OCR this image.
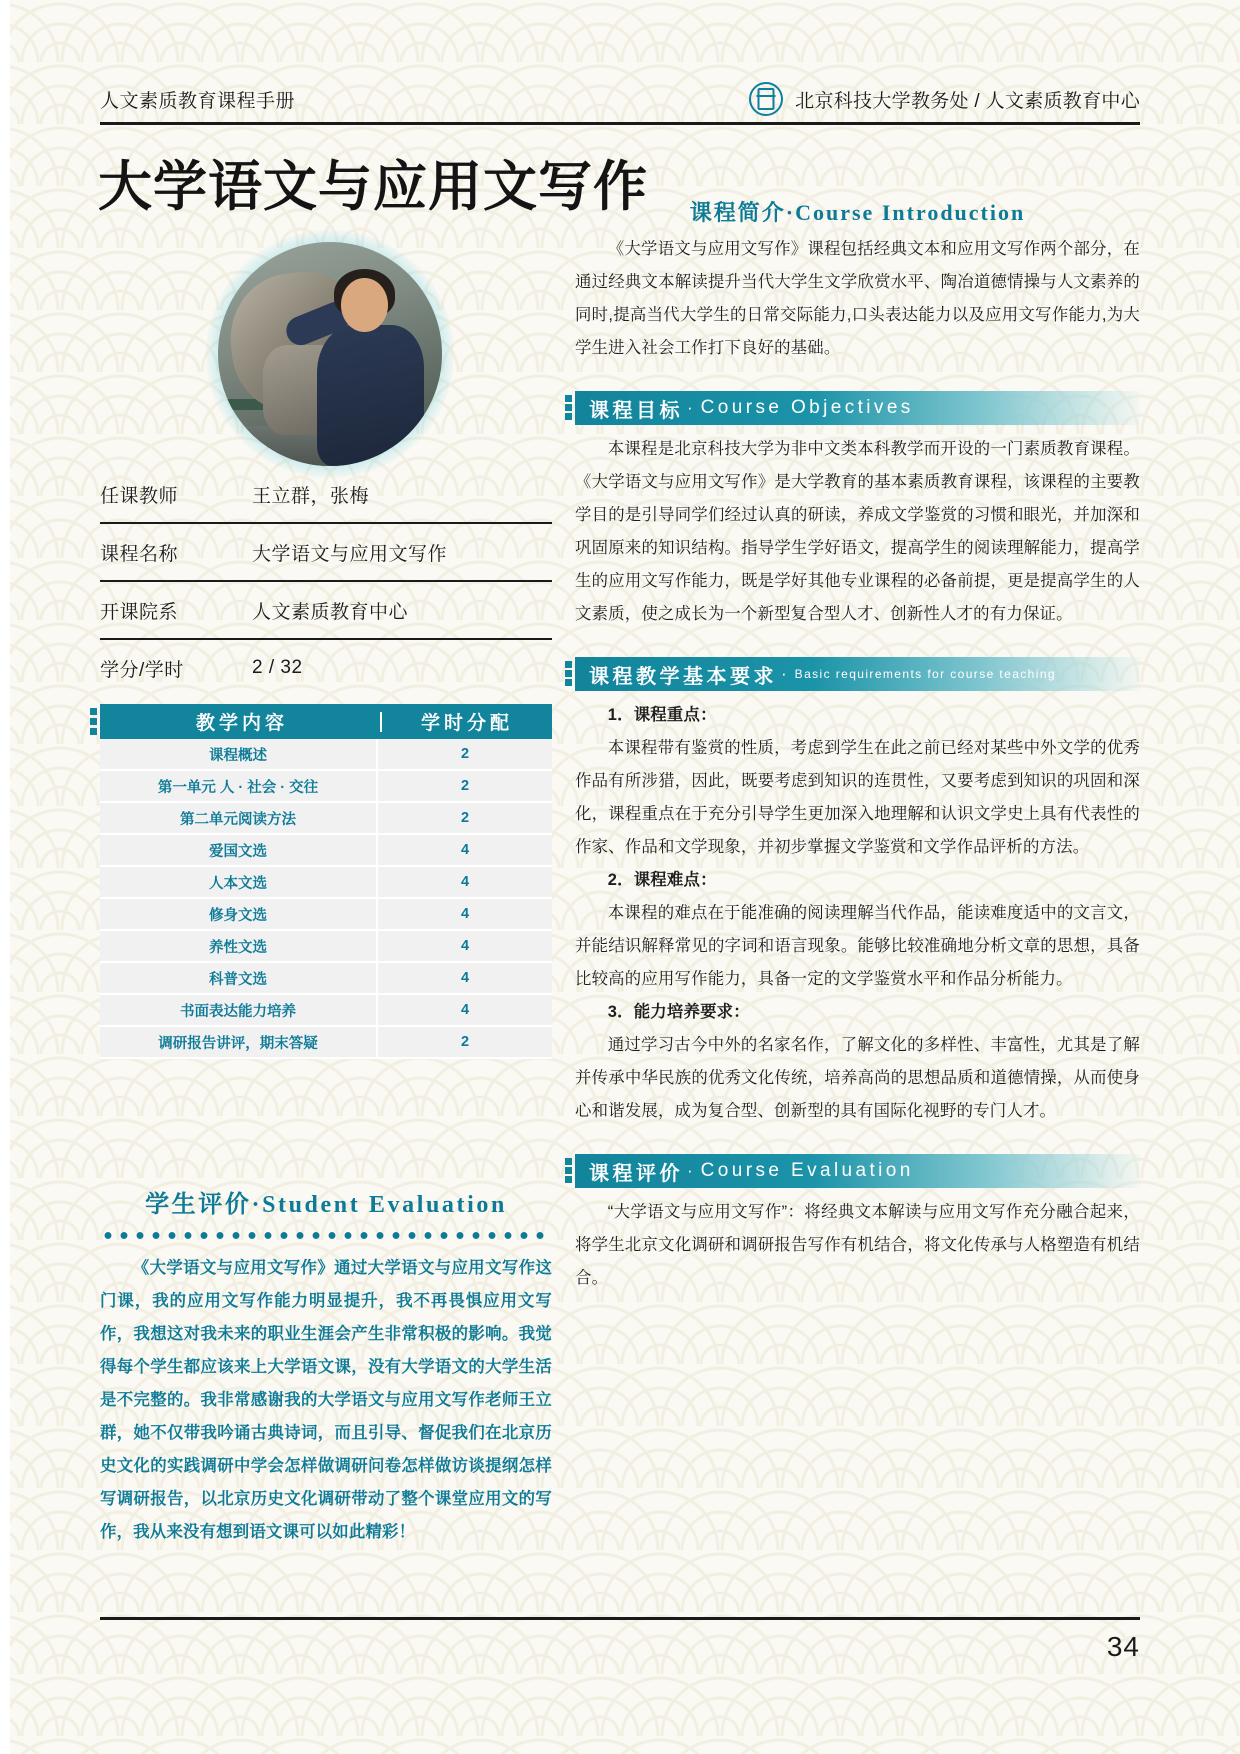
人文素质教育课程手册	北京科技大学教务处 / 人文素质教育中心
大学语文与应用文写作
任课教师	王立群，张梅
课程名称	大学语文与应用文写作
开课院系	人文素质教育中心
学分/学时	2 / 32
教学内容	学时分配
课程概述	2
第一单元 人 · 社会 · 交往	2
第二单元阅读方法	2
爱国文选	4
人本文选	4
修身文选	4
养性文选	4
科普文选	4
书面表达能力培养	4
调研报告讲评，期末答疑	2
学生评价·Student Evaluation
《大学语文与应用文写作》通过大学语文与应用文写作这门课，我的应用文写作能力明显提升，我不再畏惧应用文写作，我想这对我未来的职业生涯会产生非常积极的影响。我觉得每个学生都应该来上大学语文课，没有大学语文的大学生活是不完整的。我非常感谢我的大学语文与应用文写作老师王立群，她不仅带我吟诵古典诗词，而且引导、督促我们在北京历史文化的实践调研中学会怎样做调研问卷怎样做访谈提纲怎样写调研报告，以北京历史文化调研带动了整个课堂应用文的写作，我从来没有想到语文课可以如此精彩！
课程简介·Course Introduction
《大学语文与应用文写作》课程包括经典文本和应用文写作两个部分，在通过经典文本解读提升当代大学生文学欣赏水平、陶冶道德情操与人文素养的同时,提高当代大学生的日常交际能力,口头表达能力以及应用文写作能力,为大学生进入社会工作打下良好的基础。
课程目标 · Course Objectives
本课程是北京科技大学为非中文类本科教学而开设的一门素质教育课程。《大学语文与应用文写作》是大学教育的基本素质教育课程，该课程的主要教学目的是引导同学们经过认真的研读，养成文学鉴赏的习惯和眼光，并加深和巩固原来的知识结构。指导学生学好语文，提高学生的阅读理解能力，提高学生的应用文写作能力，既是学好其他专业课程的必备前提，更是提高学生的人文素质，使之成长为一个新型复合型人才、创新性人才的有力保证。
课程教学基本要求 · Basic requirements for course teaching
1．课程重点：
本课程带有鉴赏的性质，考虑到学生在此之前已经对某些中外文学的优秀作品有所涉猎，因此，既要考虑到知识的连贯性，又要考虑到知识的巩固和深化，课程重点在于充分引导学生更加深入地理解和认识文学史上具有代表性的作家、作品和文学现象，并初步掌握文学鉴赏和文学作品评析的方法。
2．课程难点：
本课程的难点在于能准确的阅读理解当代作品，能读难度适中的文言文，并能结识解释常见的字词和语言现象。能够比较准确地分析文章的思想，具备比较高的应用写作能力，具备一定的文学鉴赏水平和作品分析能力。
3．能力培养要求：
通过学习古今中外的名家名作，了解文化的多样性、丰富性，尤其是了解并传承中华民族的优秀文化传统，培养高尚的思想品质和道德情操，从而使身心和谐发展，成为复合型、创新型的具有国际化视野的专门人才。
课程评价 · Course Evaluation
“大学语文与应用文写作”：将经典文本解读与应用文写作充分融合起来，将学生北京文化调研和调研报告写作有机结合，将文化传承与人格塑造有机结合。
34
